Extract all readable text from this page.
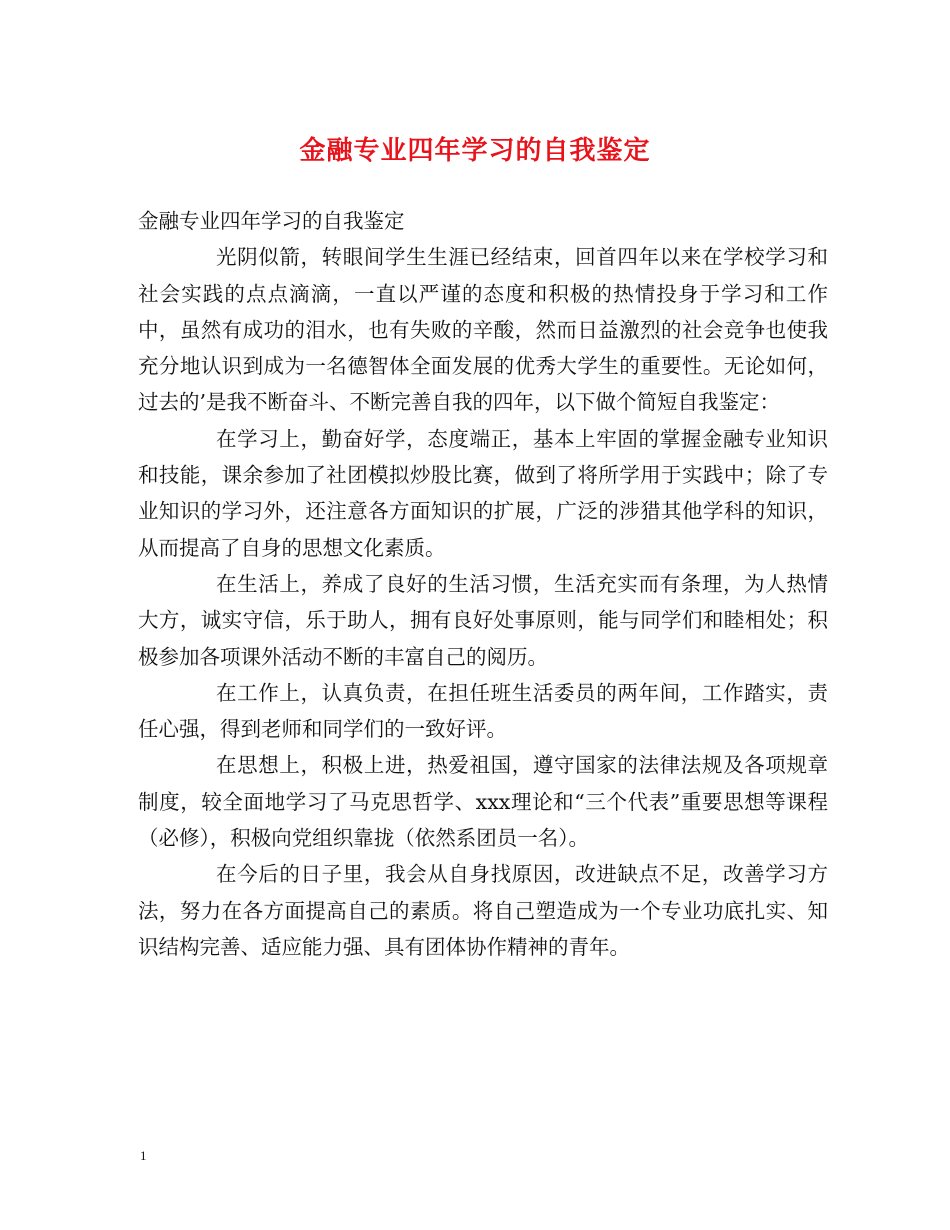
金融专业四年学习的自我鉴定

金融专业四年学习的自我鉴定

光阴似箭，转眼间学生生涯已经结束，回首四年以来在学校学习和社会实践的点点滴滴，一直以严谨的态度和积极的热情投身于学习和工作中，虽然有成功的泪水，也有失败的辛酸，然而日益激烈的社会竞争也使我充分地认识到成为一名德智体全面发展的优秀大学生的重要性。无论如何，过去的’是我不断奋斗、不断完善自我的四年，以下做个简短自我鉴定：

在学习上，勤奋好学，态度端正，基本上牢固的掌握金融专业知识和技能，课余参加了社团模拟炒股比赛，做到了将所学用于实践中；除了专业知识的学习外，还注意各方面知识的扩展，广泛的涉猎其他学科的知识，从而提高了自身的思想文化素质。

在生活上，养成了良好的生活习惯，生活充实而有条理，为人热情大方，诚实守信，乐于助人，拥有良好处事原则，能与同学们和睦相处；积极参加各项课外活动不断的丰富自己的阅历。

在工作上，认真负责，在担任班生活委员的两年间，工作踏实，责任心强，得到老师和同学们的一致好评。

在思想上，积极上进，热爱祖国，遵守国家的法律法规及各项规章制度，较全面地学习了马克思哲学、xxx理论和“三个代表”重要思想等课程（必修），积极向党组织靠拢（依然系团员一名）。

在今后的日子里，我会从自身找原因，改进缺点不足，改善学习方法，努力在各方面提高自己的素质。将自己塑造成为一个专业功底扎实、知识结构完善、适应能力强、具有团体协作精神的青年。

1
